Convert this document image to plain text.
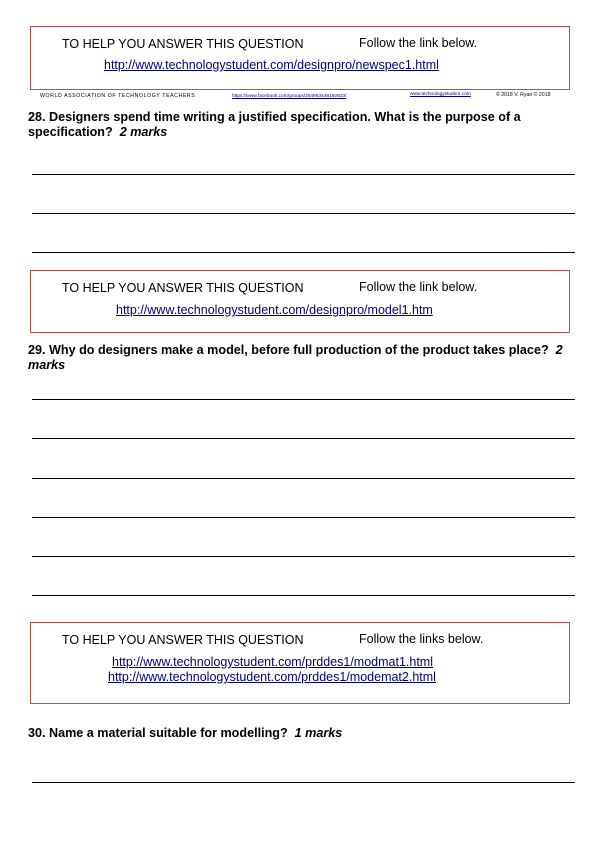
TO HELP YOU ANSWER THIS QUESTION	Follow the link below.
http://www.technologystudent.com/designpro/newspec1.html
WORLD ASSOCIATION OF TECHNOLOGY TEACHERS	https://www.facebook.com/groups/254963448192823/	www.technologystudent.com	© 2018 V. Ryan © 2018
28. Designers spend time writing a justified specification. What is the purpose of a specification? 2 marks
TO HELP YOU ANSWER THIS QUESTION	Follow the link below.
http://www.technologystudent.com/designpro/model1.htm
29. Why do designers make a model, before full production of the product takes place? 2 marks
TO HELP YOU ANSWER THIS QUESTION	Follow the links below.
http://www.technologystudent.com/prddes1/modmat1.html
http://www.technologystudent.com/prddes1/modemat2.html
30. Name a material suitable for modelling? 1 marks
